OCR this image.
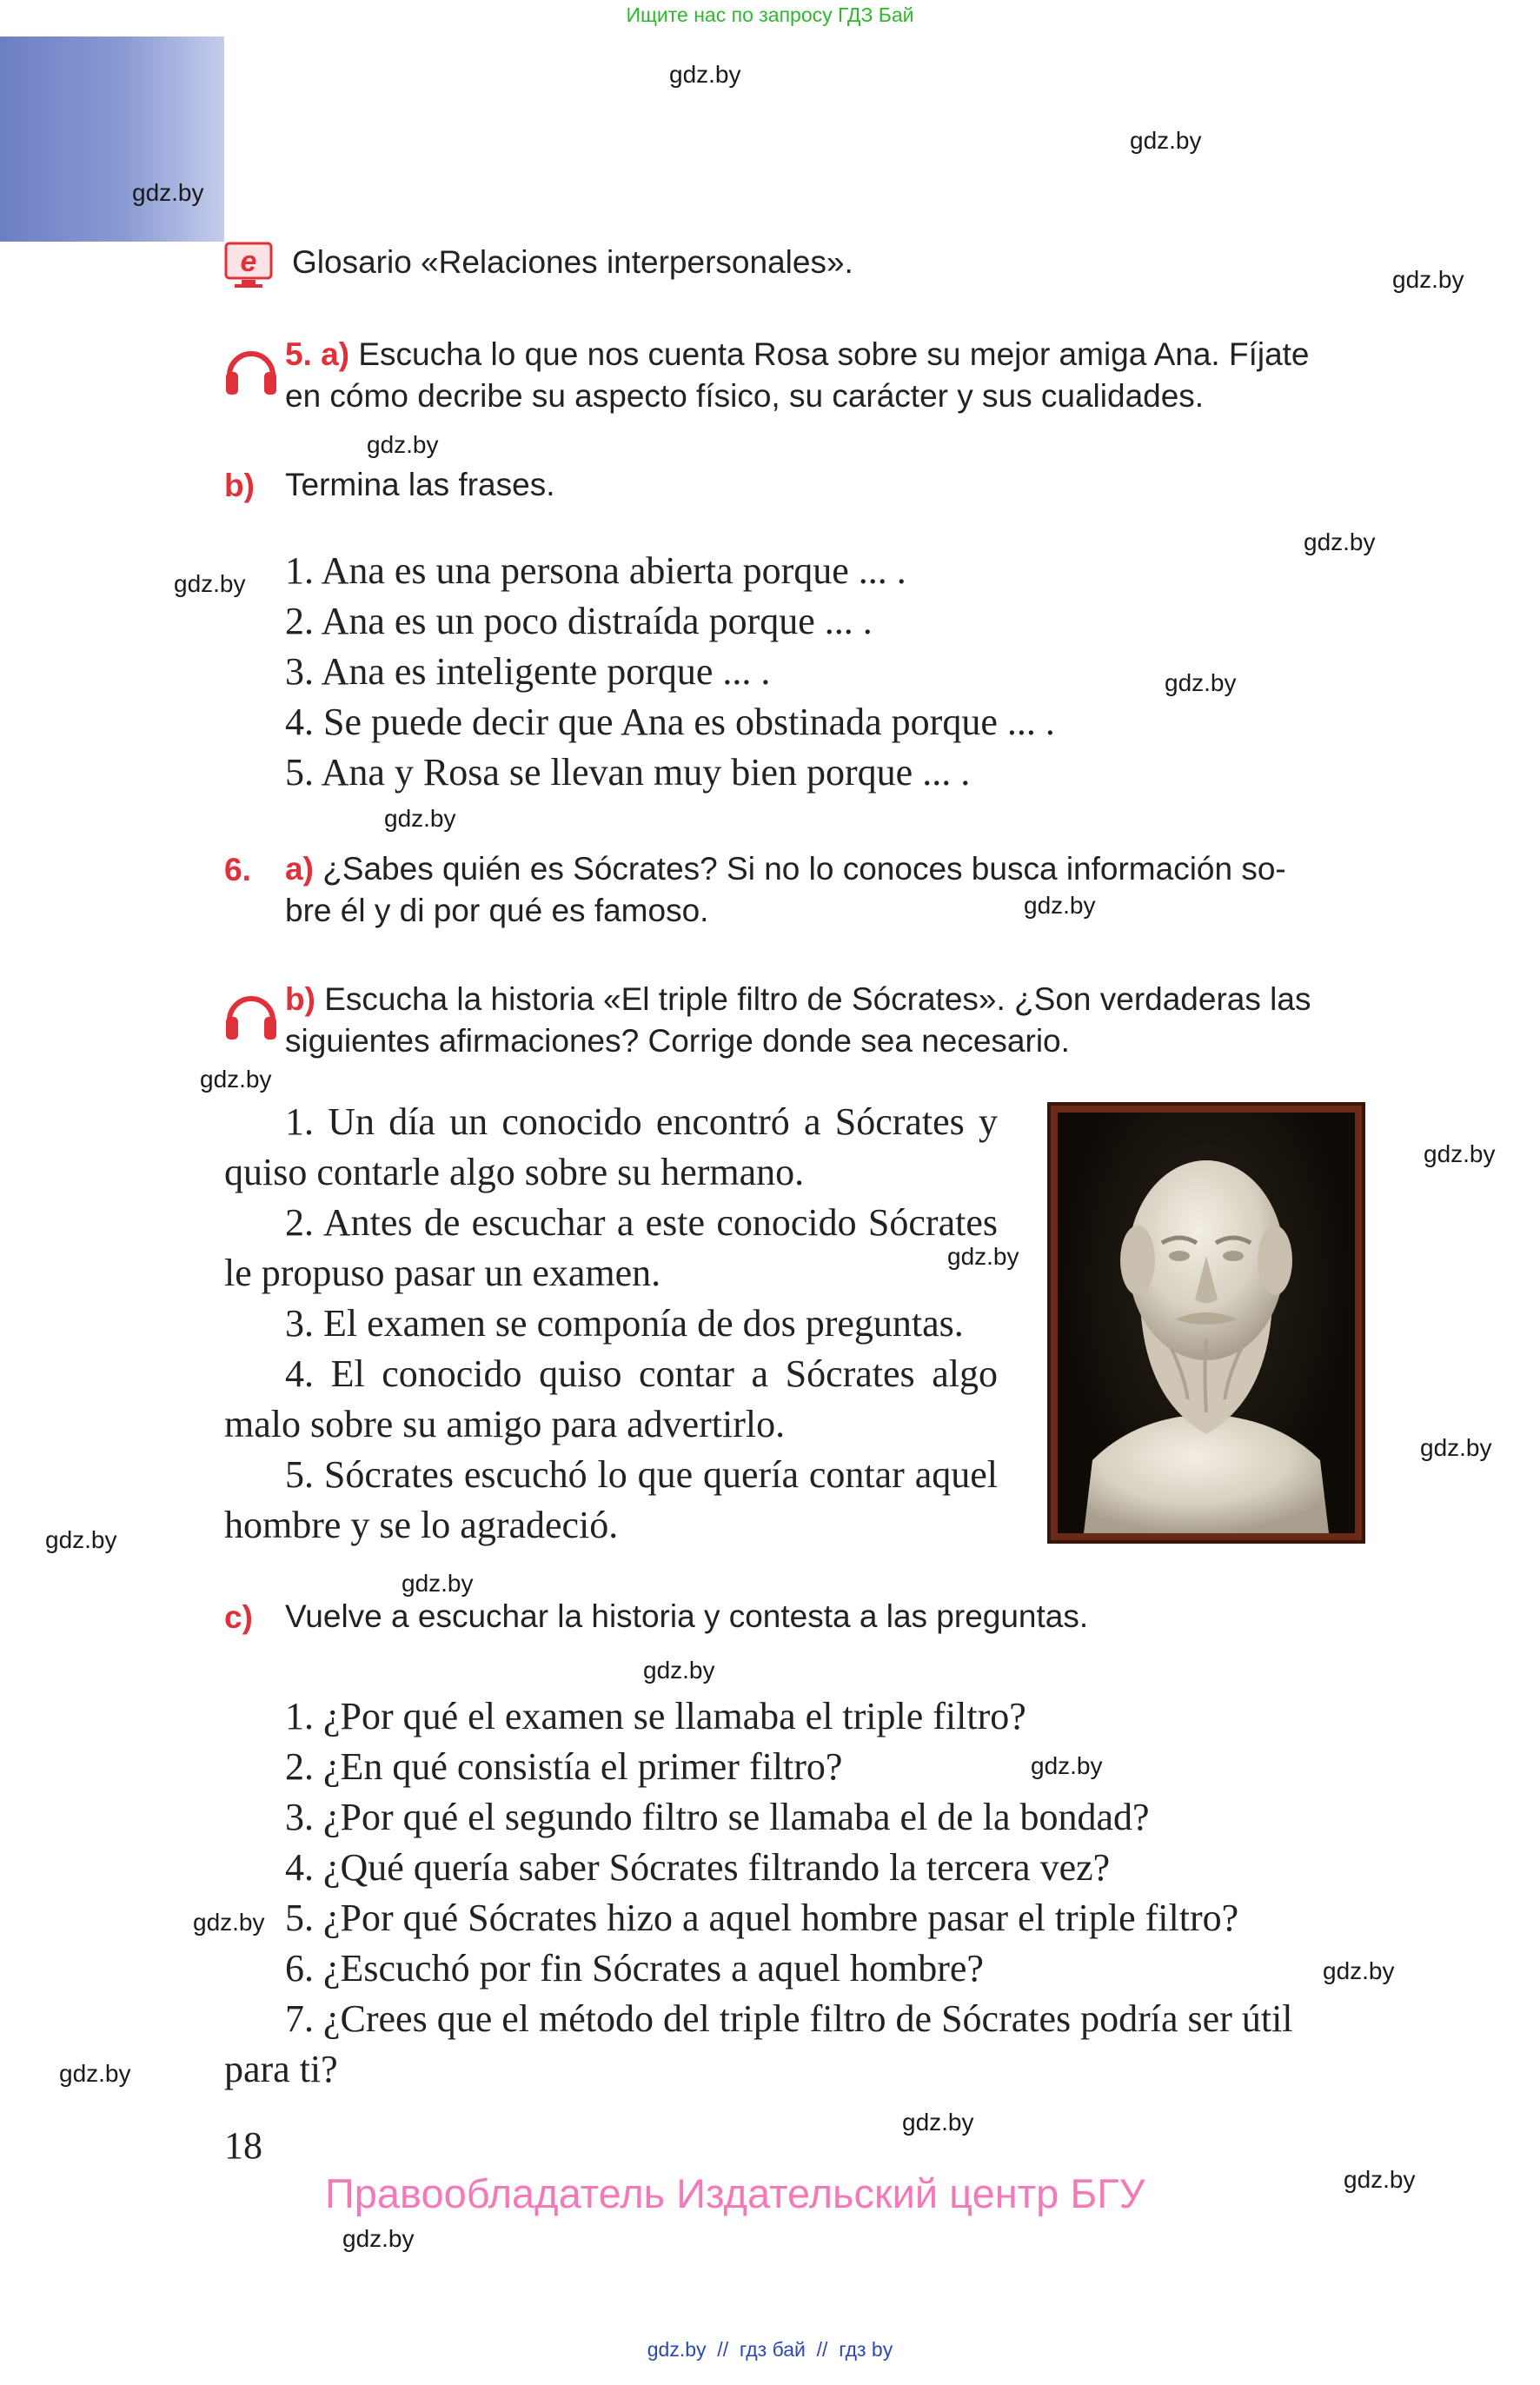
Ищите нас по запросу ГДЗ Бай
gdz.by
gdz.by
gdz.by
gdz.by
gdz.by
gdz.by
gdz.by
gdz.by
gdz.by
gdz.by
gdz.by
gdz.by
gdz.by
gdz.by
gdz.by
gdz.by
gdz.by
gdz.by
gdz.by
gdz.by
gdz.by
gdz.by
gdz.by
gdz.by
e Glosario «Relaciones interpersonales».
5. a) Escucha lo que nos cuenta Rosa sobre su mejor amiga Ana. Fíjate
en cómo decribe su aspecto físico, su carácter y sus cualidades.
b) Termina las frases.
1. Ana es una persona abierta porque ... .
2. Ana es un poco distraída porque ... .
3. Ana es inteligente porque ... .
4. Se puede decir que Ana es obstinada porque ... .
5. Ana y Rosa se llevan muy bien porque ... .
6. a) ¿Sabes quién es Sócrates? Si no lo conoces busca información so-
bre él y di por qué es famoso.
b) Escucha la historia «El triple filtro de Sócrates». ¿Son verdaderas las
siguientes afirmaciones? Corrige donde sea necesario.

1. Un día un conocido encontró a Sócrates y quiso contarle algo sobre su hermano.

2. Antes de escuchar a este conocido Sócrates le propuso pasar un examen.

3. El examen se componía de dos preguntas.

4. El conocido quiso contar a Sócrates algo malo sobre su amigo para advertirlo.

5. Sócrates escuchó lo que quería contar aquel hombre y se lo agradeció.

c) Vuelve a escuchar la historia y contesta a las preguntas.
1. ¿Por qué el examen se llamaba el triple filtro?
2. ¿En qué consistía el primer filtro?
3. ¿Por qué el segundo filtro se llamaba el de la bondad?
4. ¿Qué quería saber Sócrates filtrando la tercera vez?
5. ¿Por qué Sócrates hizo a aquel hombre pasar el triple filtro?
6. ¿Escuchó por fin Sócrates a aquel hombre?
7. ¿Crees que el método del triple filtro de Sócrates podría ser útil
para ti?
18
Правообладатель Издательский центр БГУ
gdz.by  //  гдз бай  //  гдз by
